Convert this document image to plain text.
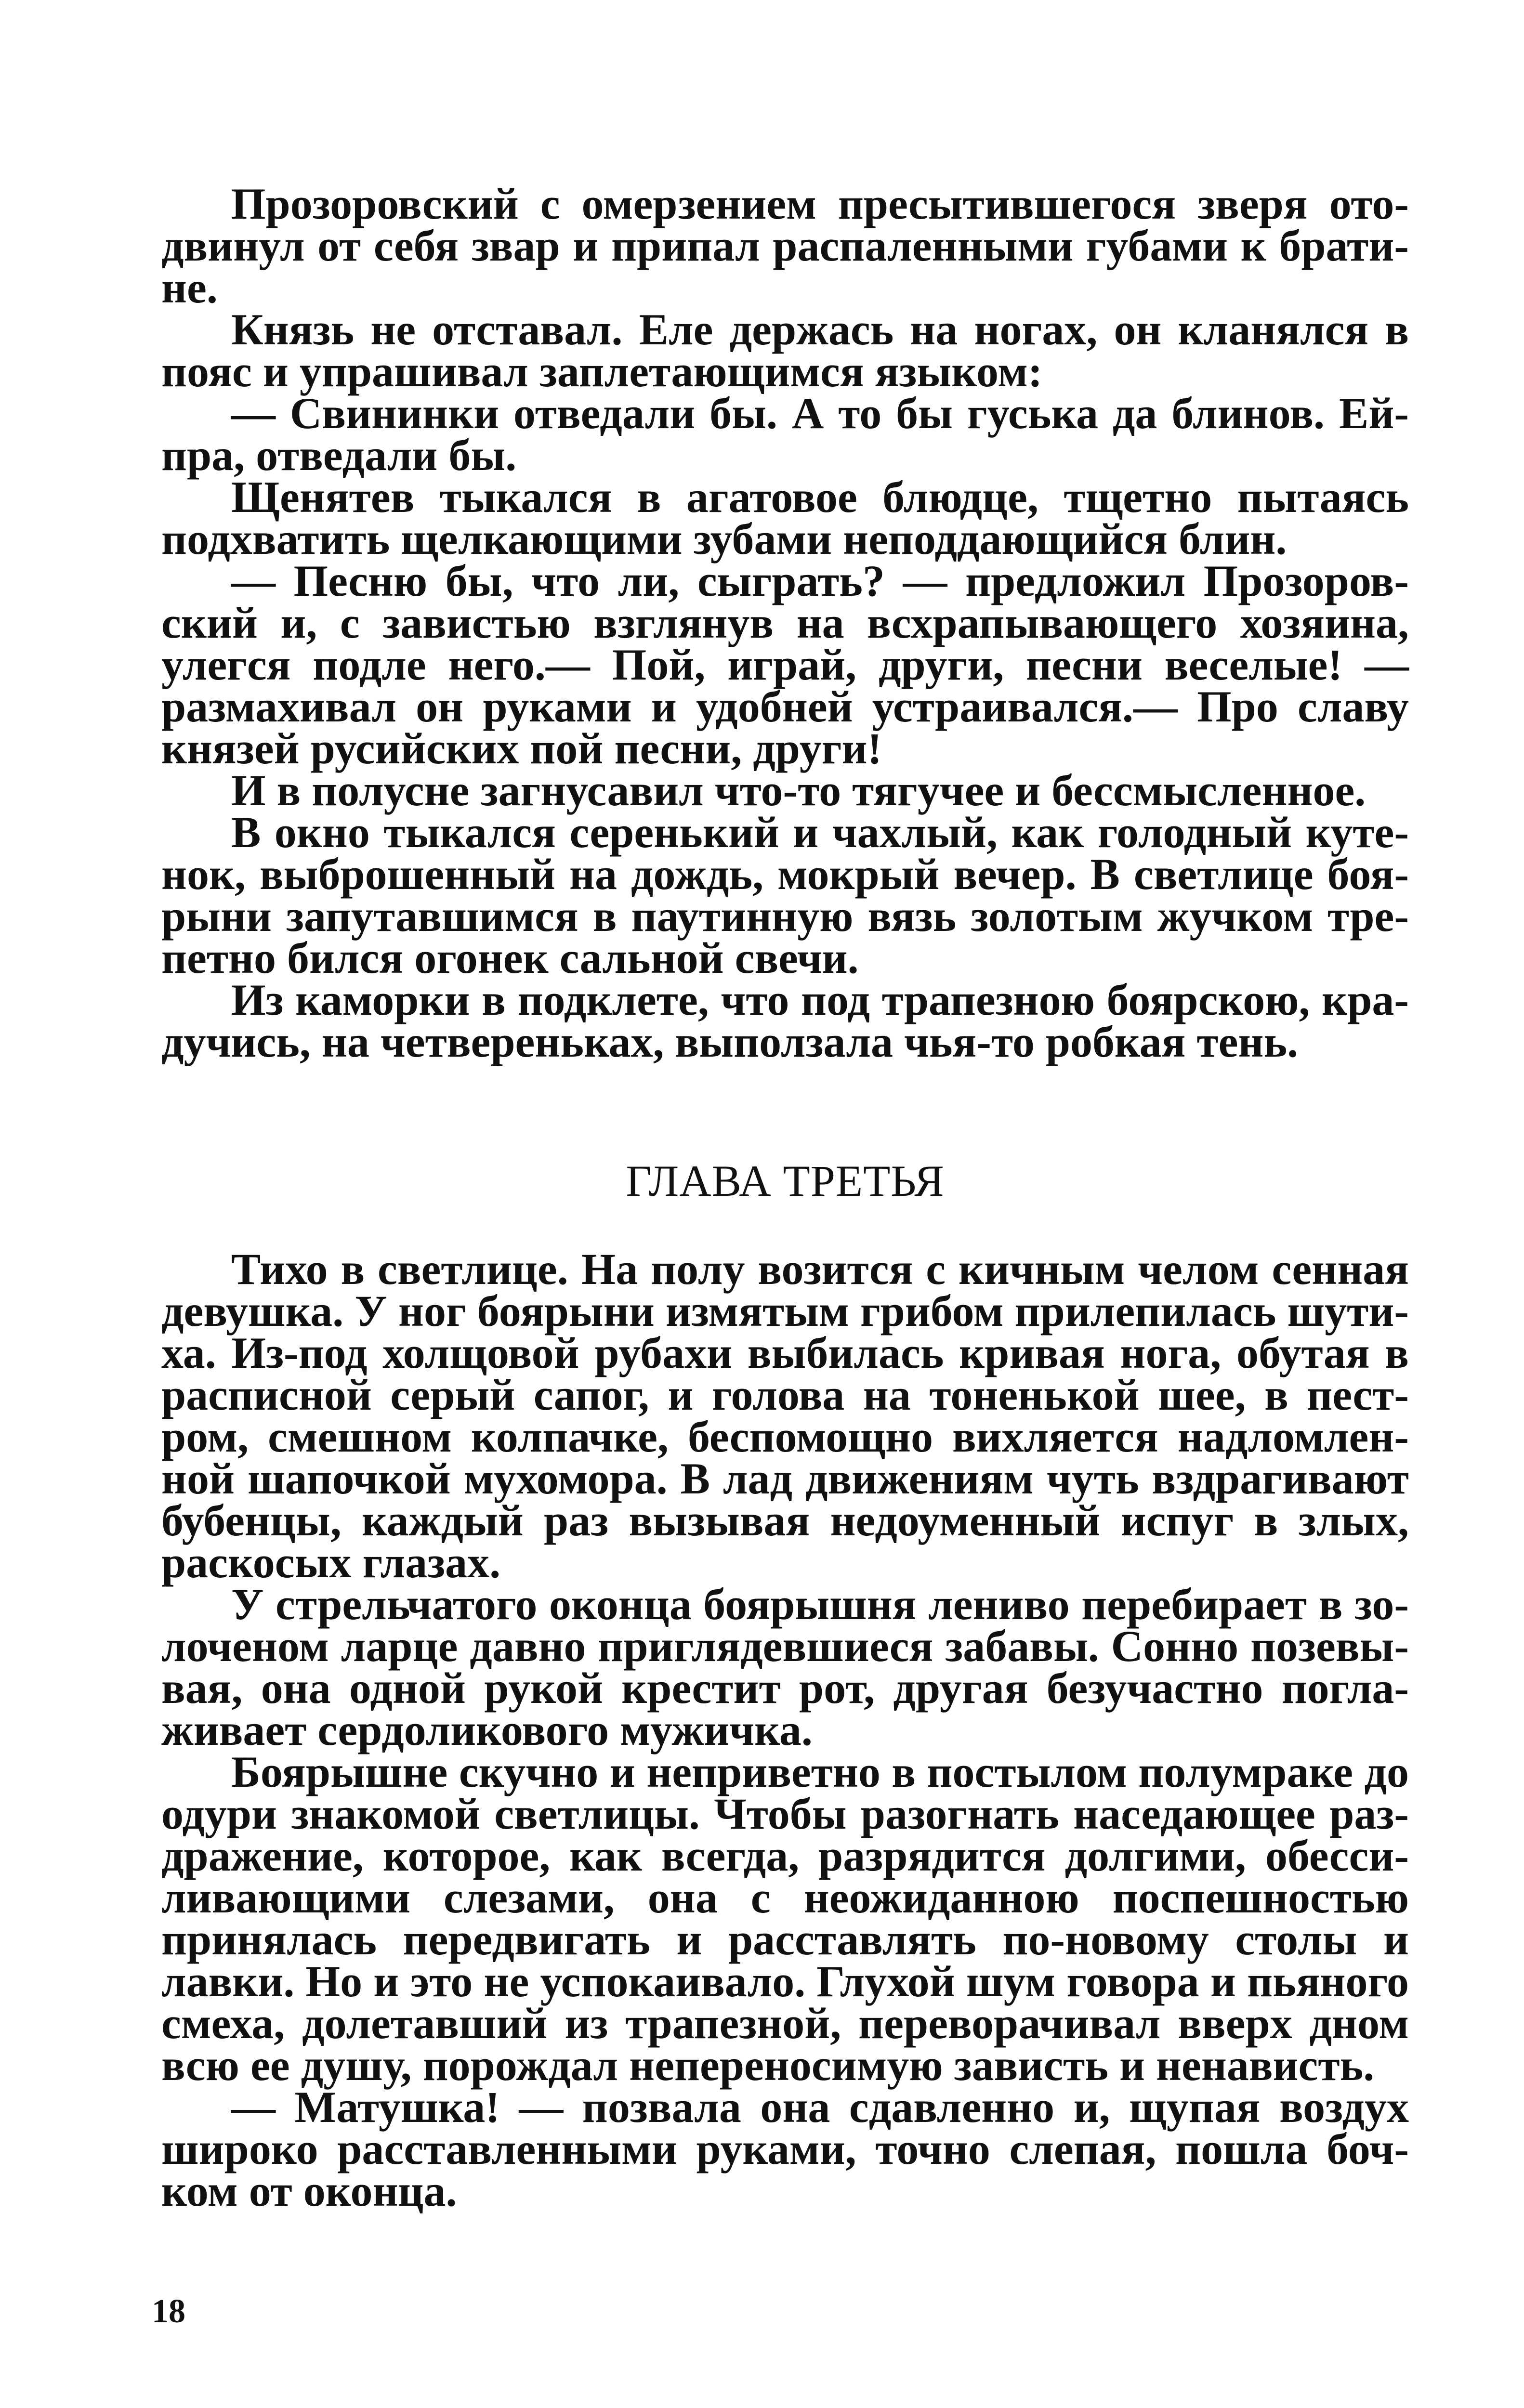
Прозоровский с омерзением пресытившегося зверя отодвинул от себя звар и припал распаленными губами к братине.

Князь не отставал. Еле держась на ногах, он кланялся в пояс и упрашивал заплетающимся языком:

— Свининки отведали бы. А то бы гуська да блинов. Ейпра, отведали бы.

Щенятев тыкался в агатовое блюдце, тщетно пытаясь подхватить щелкающими зубами неподдающийся блин.

— Песню бы, что ли, сыграть? — предложил Прозоровский и, с завистью взглянув на всхрапывающего хозяина, улегся подле него.— Пой, играй, други, песни веселые! — размахивал он руками и удобней устраивался.— Про славу князей русийских пой песни, други!

И в полусне загнусавил что-то тягучее и бессмысленное.

В окно тыкался серенький и чахлый, как голодный кутенок, выброшенный на дождь, мокрый вечер. В светлице боярыни запутавшимся в паутинную вязь золотым жучком трепетно бился огонек сальной свечи.

Из каморки в подклете, что под трапезною боярскою, крадучись, на четвереньках, выползала чья-то робкая тень.

ГЛАВА ТРЕТЬЯ

Тихо в светлице. На полу возится с кичным челом сенная девушка. У ног боярыни измятым грибом прилепилась шутиха. Из-под холщовой рубахи выбилась кривая нога, обутая в расписной серый сапог, и голова на тоненькой шее, в пестром, смешном колпачке, беспомощно вихляется надломленной шапочкой мухомора. В лад движениям чуть вздрагивают бубенцы, каждый раз вызывая недоуменный испуг в злых, раскосых глазах.

У стрельчатого оконца боярышня лениво перебирает в золоченом ларце давно приглядевшиеся забавы. Сонно позевывая, она одной рукой крестит рот, другая безучастно поглаживает сердоликового мужичка.

Боярышне скучно и неприветно в постылом полумраке до одури знакомой светлицы. Чтобы разогнать наседающее раздражение, которое, как всегда, разрядится долгими, обессиливающими слезами, она с неожиданною поспешностью принялась передвигать и расставлять по-новому столы и лавки. Но и это не успокаивало. Глухой шум говора и пьяного смеха, долетавший из трапезной, переворачивал вверх дном всю ее душу, порождал непереносимую зависть и ненависть.

— Матушка! — позвала она сдавленно и, щупая воздух широко расставленными руками, точно слепая, пошла бочком от оконца.

18
